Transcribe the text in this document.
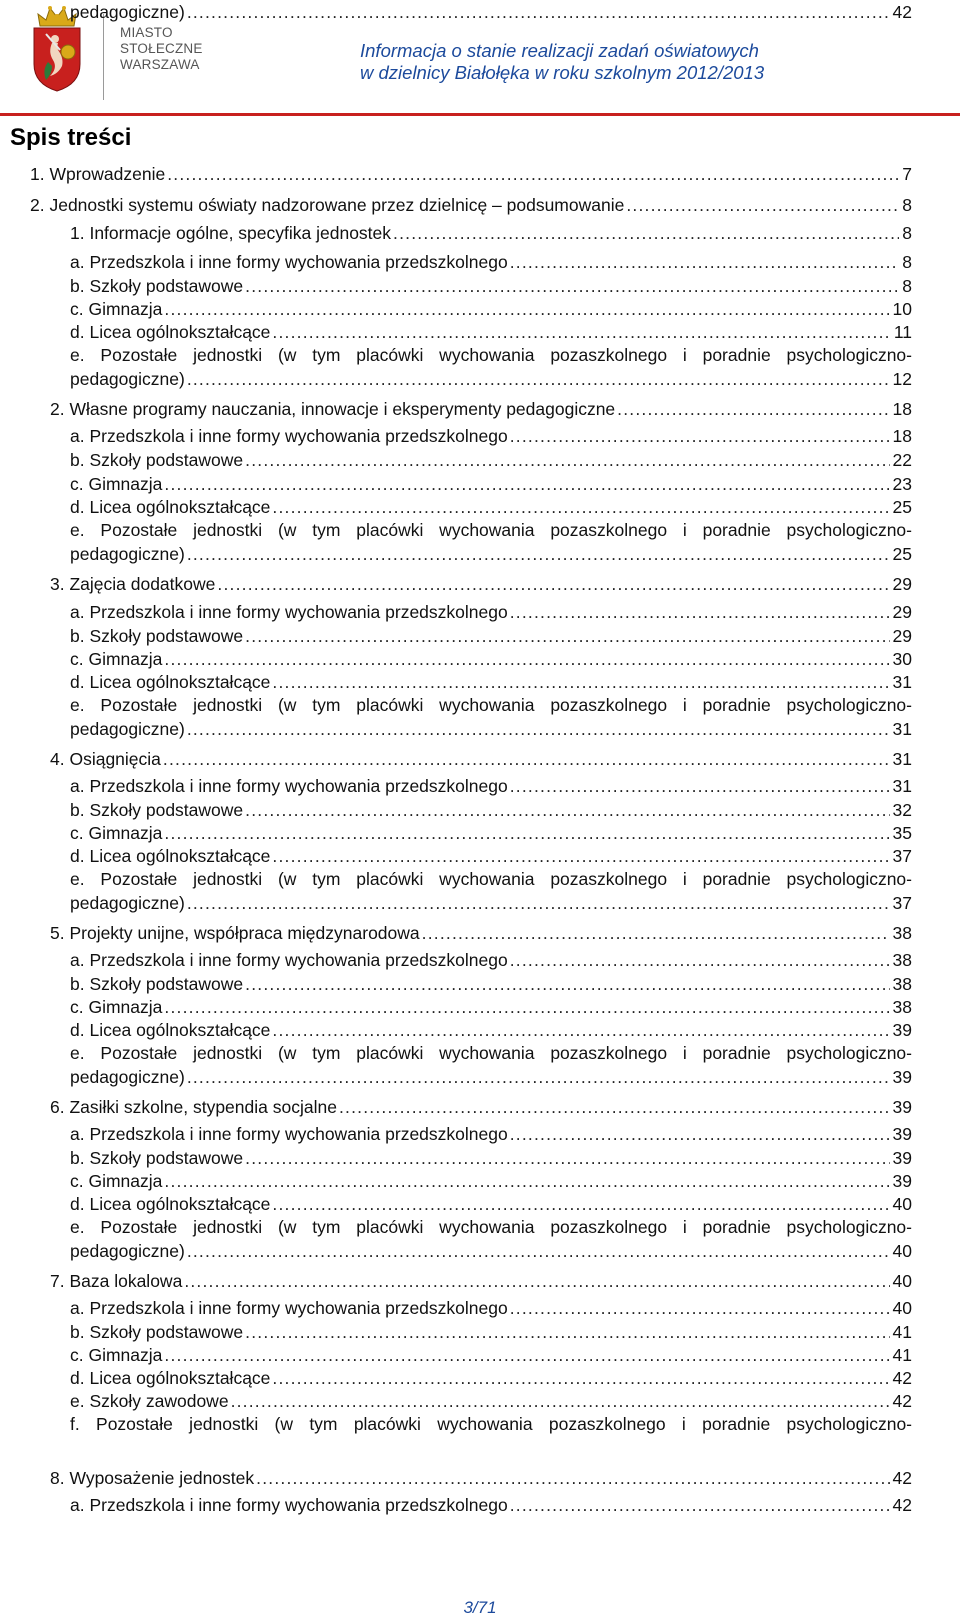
MIASTO
STOŁECZNE
WARSZAWA
Informacja o stanie realizacji zadań oświatowych
w dzielnicy Białołęka w roku szkolnym 2012/2013
Spis treści
1. Wprowadzenie .....	7
2. Jednostki systemu oświaty nadzorowane przez dzielnicę – podsumowanie .....	8
1. Informacje ogólne, specyfika jednostek .....	8
a. Przedszkola i inne formy wychowania przedszkolnego .....	8
b. Szkoły podstawowe .....	8
c. Gimnazja .....	10
d. Licea ogólnokształcące .....	11
e. Pozostałe jednostki (w tym placówki wychowania pozaszkolnego i poradnie psychologiczno-
pedagogiczne) .....	12
2. Własne programy nauczania, innowacje i eksperymenty pedagogiczne .....	18
a. Przedszkola i inne formy wychowania przedszkolnego .....	18
b. Szkoły podstawowe .....	22
c. Gimnazja .....	23
d. Licea ogólnokształcące .....	25
e. Pozostałe jednostki (w tym placówki wychowania pozaszkolnego i poradnie psychologiczno-
pedagogiczne) .....	25
3. Zajęcia dodatkowe .....	29
a. Przedszkola i inne formy wychowania przedszkolnego .....	29
b. Szkoły podstawowe .....	29
c. Gimnazja .....	30
d. Licea ogólnokształcące .....	31
e. Pozostałe jednostki (w tym placówki wychowania pozaszkolnego i poradnie psychologiczno-
pedagogiczne) .....	31
4. Osiągnięcia .....	31
a. Przedszkola i inne formy wychowania przedszkolnego .....	31
b. Szkoły podstawowe .....	32
c. Gimnazja .....	35
d. Licea ogólnokształcące .....	37
e. Pozostałe jednostki (w tym placówki wychowania pozaszkolnego i poradnie psychologiczno-
pedagogiczne) .....	37
5. Projekty unijne, współpraca międzynarodowa .....	38
a. Przedszkola i inne formy wychowania przedszkolnego .....	38
b. Szkoły podstawowe .....	38
c. Gimnazja .....	38
d. Licea ogólnokształcące .....	39
e. Pozostałe jednostki (w tym placówki wychowania pozaszkolnego i poradnie psychologiczno-
pedagogiczne) .....	39
6. Zasiłki szkolne, stypendia socjalne .....	39
a. Przedszkola i inne formy wychowania przedszkolnego .....	39
b. Szkoły podstawowe .....	39
c. Gimnazja .....	39
d. Licea ogólnokształcące .....	40
e. Pozostałe jednostki (w tym placówki wychowania pozaszkolnego i poradnie psychologiczno-
pedagogiczne) .....	40
7. Baza lokalowa .....	40
a. Przedszkola i inne formy wychowania przedszkolnego .....	40
b. Szkoły podstawowe .....	41
c. Gimnazja .....	41
d. Licea ogólnokształcące .....	42
e. Szkoły zawodowe .....	42
f. Pozostałe jednostki (w tym placówki wychowania pozaszkolnego i poradnie psychologiczno-
pedagogiczne) .....	42
8. Wyposażenie jednostek .....	42
a. Przedszkola i inne formy wychowania przedszkolnego .....	42
3/71
